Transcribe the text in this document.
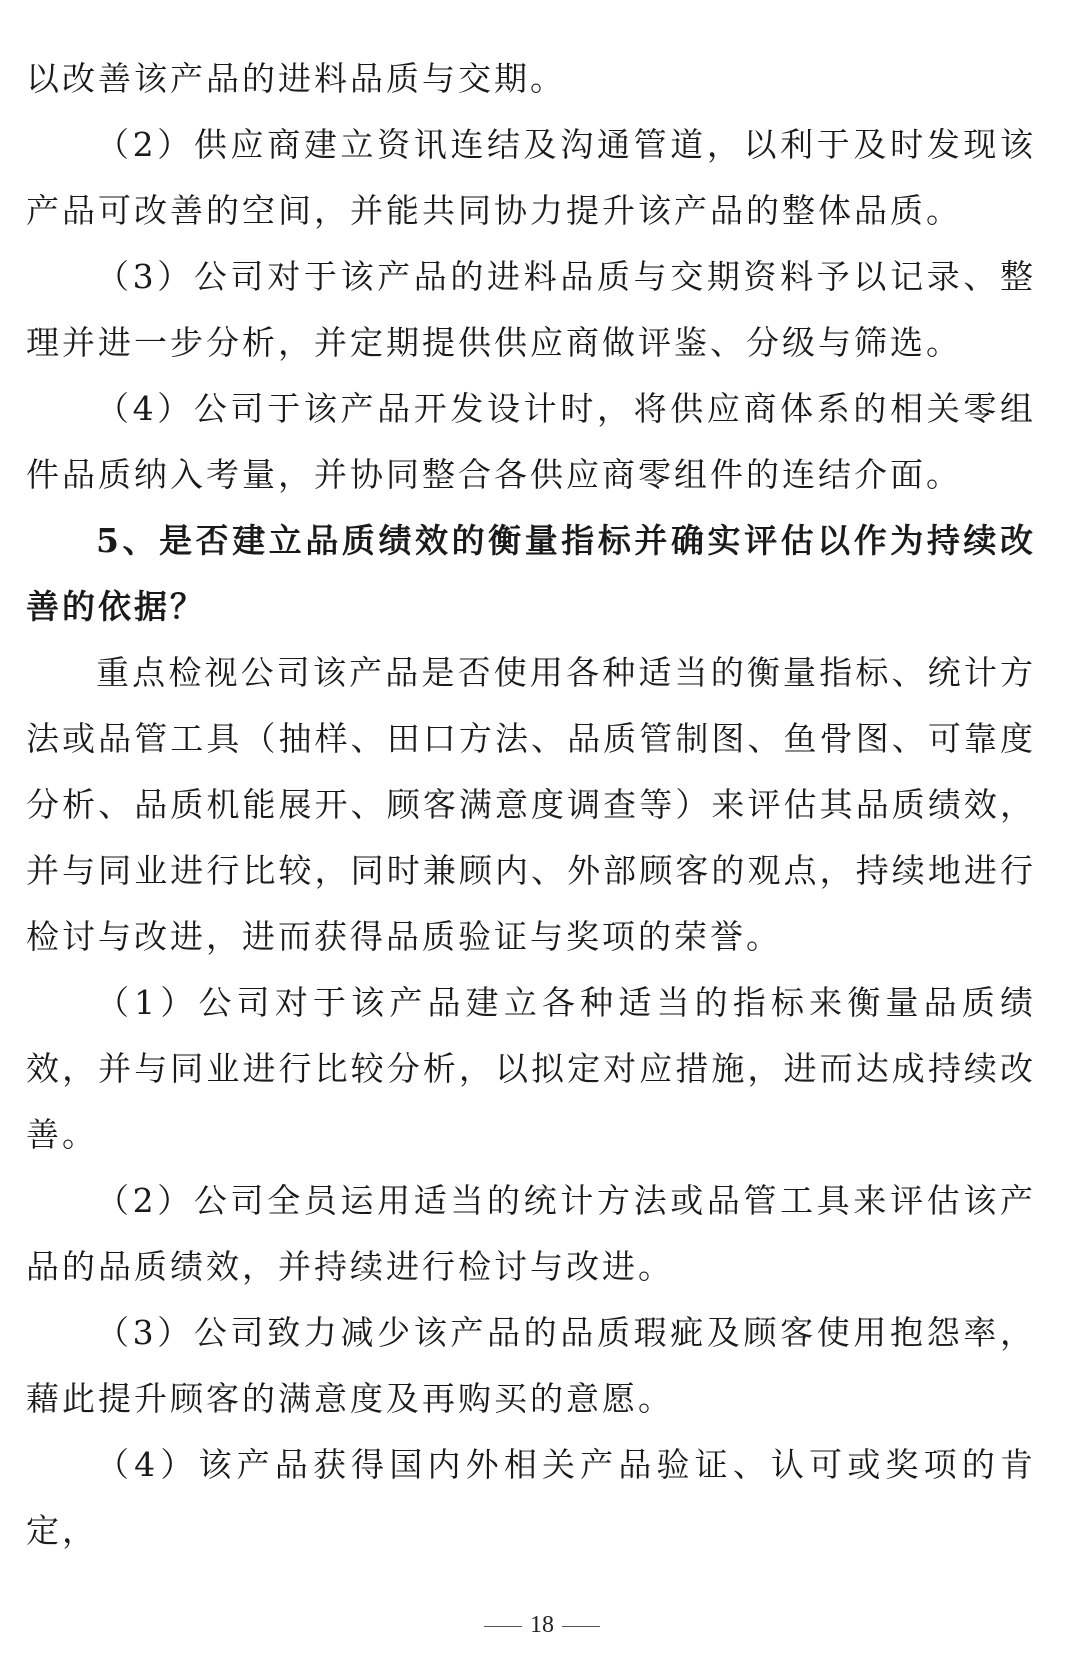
以改善该产品的进料品质与交期。

（2）供应商建立资讯连结及沟通管道，以利于及时发现该产品可改善的空间，并能共同协力提升该产品的整体品质。

（3）公司对于该产品的进料品质与交期资料予以记录、整理并进一步分析，并定期提供供应商做评鉴、分级与筛选。

（4）公司于该产品开发设计时，将供应商体系的相关零组件品质纳入考量，并协同整合各供应商零组件的连结介面。

5、是否建立品质绩效的衡量指标并确实评估以作为持续改善的依据？

重点检视公司该产品是否使用各种适当的衡量指标、统计方法或品管工具（抽样、田口方法、品质管制图、鱼骨图、可靠度分析、品质机能展开、顾客满意度调查等）来评估其品质绩效，并与同业进行比较，同时兼顾内、外部顾客的观点，持续地进行检讨与改进，进而获得品质验证与奖项的荣誉。

（1）公司对于该产品建立各种适当的指标来衡量品质绩效，并与同业进行比较分析，以拟定对应措施，进而达成持续改善。

（2）公司全员运用适当的统计方法或品管工具来评估该产品的品质绩效，并持续进行检讨与改进。

（3）公司致力减少该产品的品质瑕疵及顾客使用抱怨率，藉此提升顾客的满意度及再购买的意愿。

（4）该产品获得国内外相关产品验证、认可或奖项的肯定，

18
